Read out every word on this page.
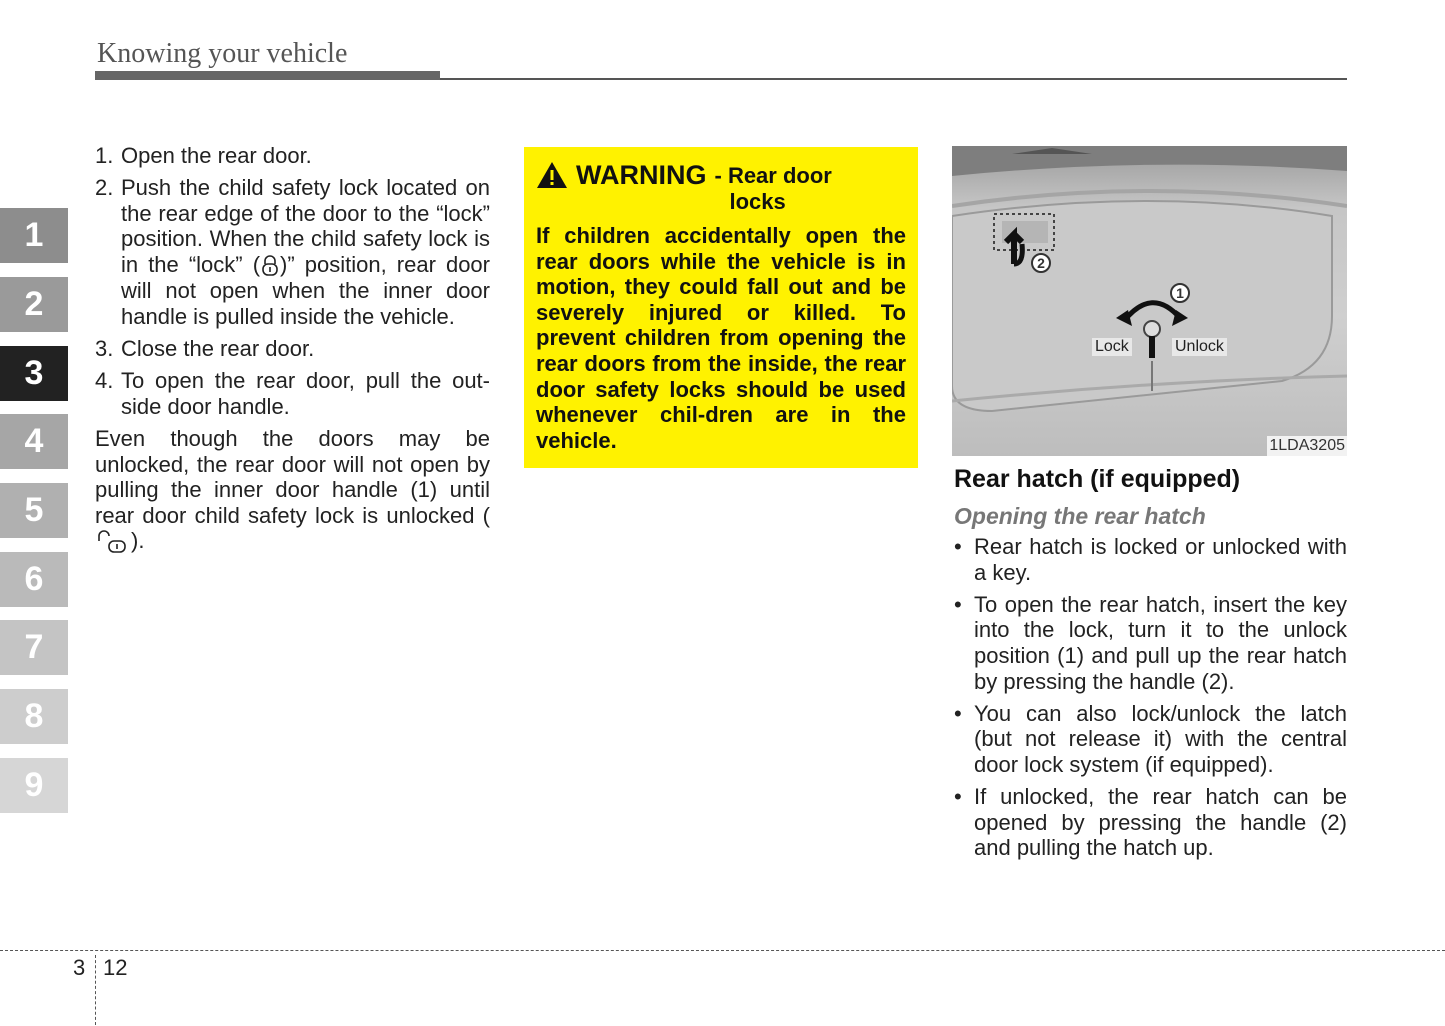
Knowing your vehicle
1
2
3
4
5
6
7
8
9
1. Open the rear door.
2. Push the child safety lock located on the rear edge of the door to the “lock” position. When the child safety lock is in the “lock” ( )” position, rear door will not open when the inner door handle is pulled inside the vehicle.
3. Close the rear door.
4. To open the rear door, pull the out-side door handle.

Even though the doors may be unlocked, the rear door will not open by pulling the inner door handle (1) until rear door child safety lock is unlocked ().

WARNING - Rear door
locks
If children accidentally open the rear doors while the vehicle is in motion, they could fall out and be severely injured or killed. To prevent children from opening the rear doors from the inside, the rear door safety locks should be used whenever chil-dren are in the vehicle.
2
1
Lock	Unlock
1LDA3205
Rear hatch (if equipped)
Opening the rear hatch
• Rear hatch is locked or unlocked with a key.
• To open the rear hatch, insert the key into the lock, turn it to the unlock position (1) and pull up the rear hatch by pressing the handle (2).
• You can also lock/unlock the latch (but not release it) with the central door lock system (if equipped).
• If unlocked, the rear hatch can be opened by pressing the handle (2) and pulling the hatch up.
3 12
